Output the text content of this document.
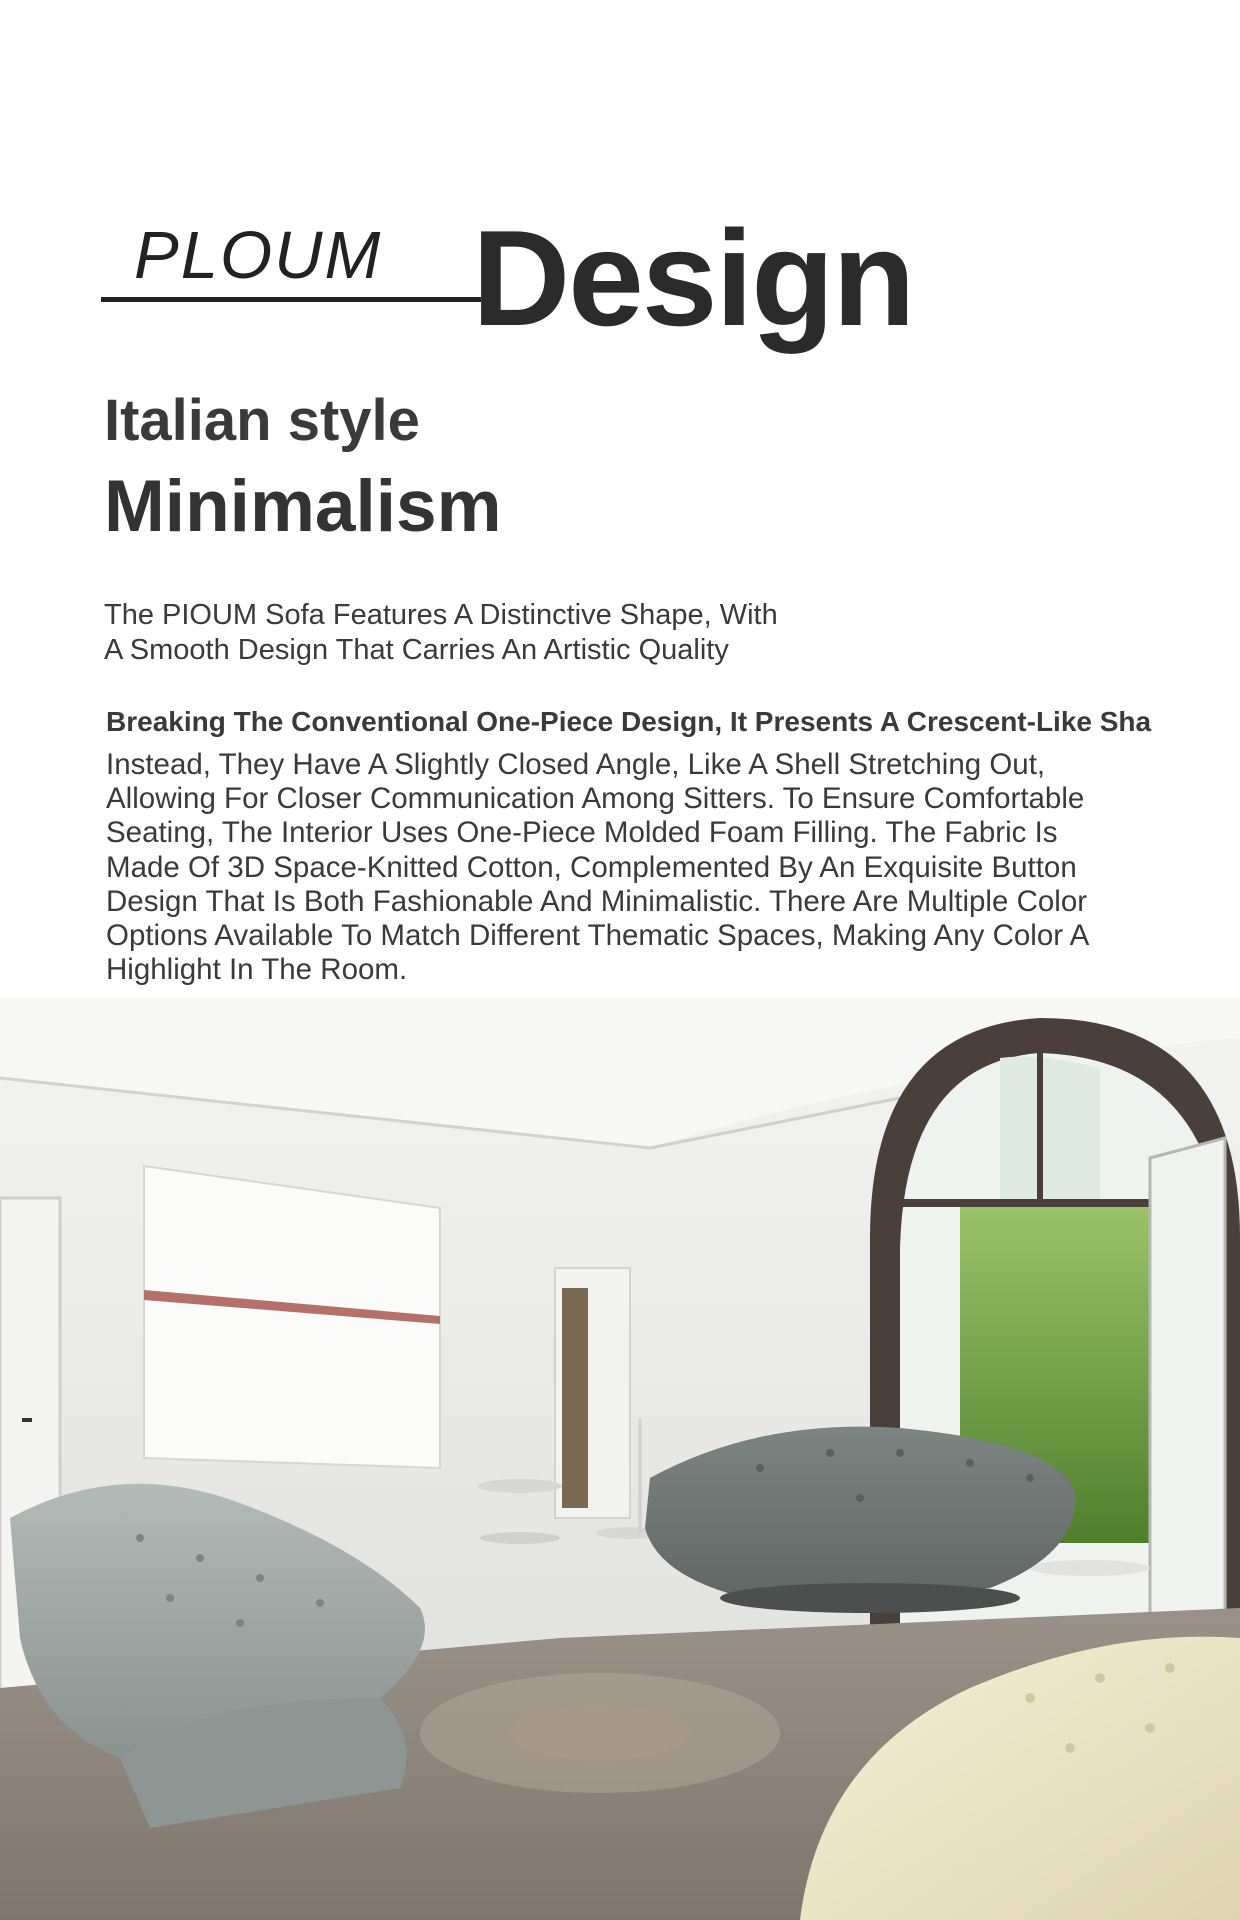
PLOUM Design
Italian style
Minimalism
The PIOUM Sofa Features A Distinctive Shape, With
A Smooth Design That Carries An Artistic Quality
Breaking The Conventional One-Piece Design, It Presents A Crescent-Like Sha
Instead, They Have A Slightly Closed Angle, Like A Shell Stretching Out,
Allowing For Closer Communication Among Sitters. To Ensure Comfortable
Seating, The Interior Uses One-Piece Molded Foam Filling. The Fabric Is
Made Of 3D Space-Knitted Cotton, Complemented By An Exquisite Button
Design That Is Both Fashionable And Minimalistic. There Are Multiple Color
Options Available To Match Different Thematic Spaces, Making Any Color A
Highlight In The Room.
